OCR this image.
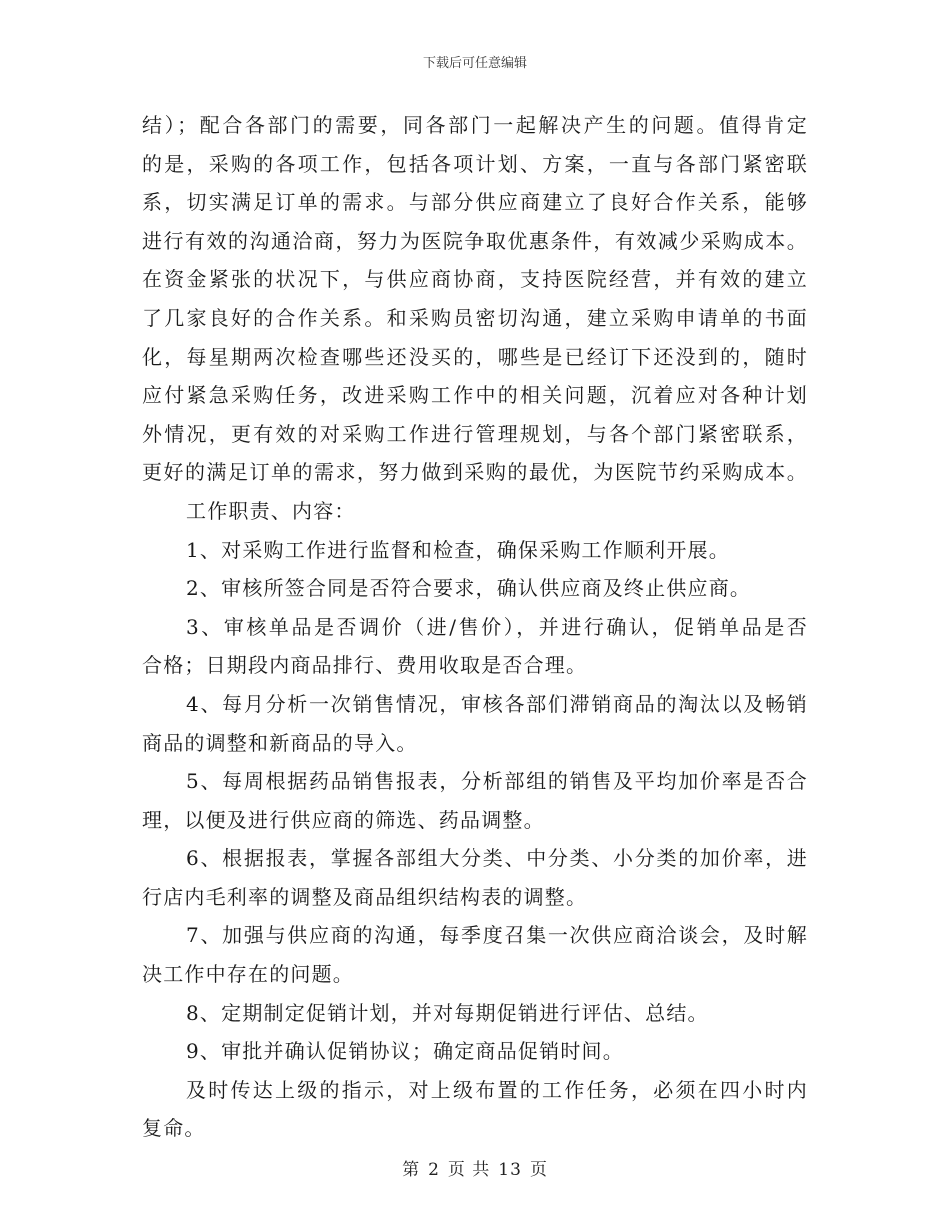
下载后可任意编辑
结）；配合各部门的需要，同各部门一起解决产生的问题。值得肯定
的是，采购的各项工作，包括各项计划、方案，一直与各部门紧密联
系，切实满足订单的需求。与部分供应商建立了良好合作关系，能够
进行有效的沟通洽商，努力为医院争取优惠条件，有效减少采购成本。
在资金紧张的状况下，与供应商协商，支持医院经营，并有效的建立
了几家良好的合作关系。和采购员密切沟通，建立采购申请单的书面
化，每星期两次检查哪些还没买的，哪些是已经订下还没到的，随时
应付紧急采购任务，改进采购工作中的相关问题，沉着应对各种计划
外情况，更有效的对采购工作进行管理规划，与各个部门紧密联系，
更好的满足订单的需求，努力做到采购的最优，为医院节约采购成本。
工作职责、内容：
1、对采购工作进行监督和检查，确保采购工作顺利开展。
2、审核所签合同是否符合要求，确认供应商及终止供应商。
3、审核单品是否调价（进/售价），并进行确认，促销单品是否
合格；日期段内商品排行、费用收取是否合理。
4、每月分析一次销售情况，审核各部们滞销商品的淘汰以及畅销
商品的调整和新商品的导入。
5、每周根据药品销售报表，分析部组的销售及平均加价率是否合
理，以便及进行供应商的筛选、药品调整。
6、根据报表，掌握各部组大分类、中分类、小分类的加价率，进
行店内毛利率的调整及商品组织结构表的调整。
7、加强与供应商的沟通，每季度召集一次供应商洽谈会，及时解
决工作中存在的问题。
8、定期制定促销计划，并对每期促销进行评估、总结。
9、审批并确认促销协议；确定商品促销时间。
及时传达上级的指示，对上级布置的工作任务，必须在四小时内
复命。
第 2 页 共 13 页
